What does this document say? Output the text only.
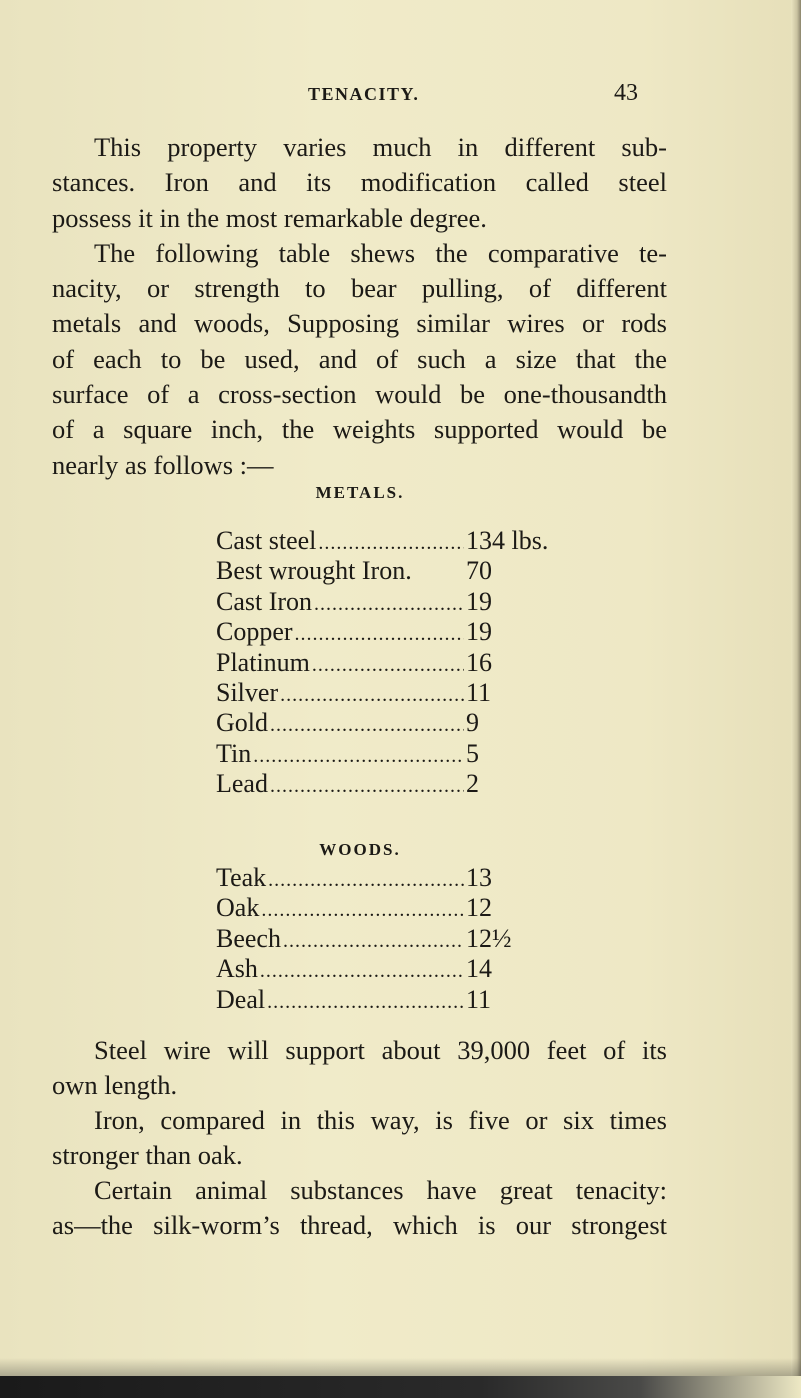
TENACITY.	43
This property varies much in different sub-
stances. Iron and its modification called steel
possess it in the most remarkable degree.
The following table shews the comparative te-
nacity, or strength to bear pulling, of different
metals and woods, Supposing similar wires or rods
of each to be used, and of such a size that the
surface of a cross-section would be one-thousandth
of a square inch, the weights supported would be
nearly as follows :—
METALS.
Cast steel .....	134 lbs.
Best wrought Iron. 70
Cast Iron .....	19
Copper .....	19
Platinum .....	16
Silver .....	11
Gold .....	9
Tin .....	5
Lead .....	2
WOODS.
Teak .....	13
Oak .....	12
Beech .....	12½
Ash .....	14
Deal .....	11
Steel wire will support about 39,000 feet of its
own length.
Iron, compared in this way, is five or six times
stronger than oak.
Certain animal substances have great tenacity:
as—the silk-worm’s thread, which is our strongest
